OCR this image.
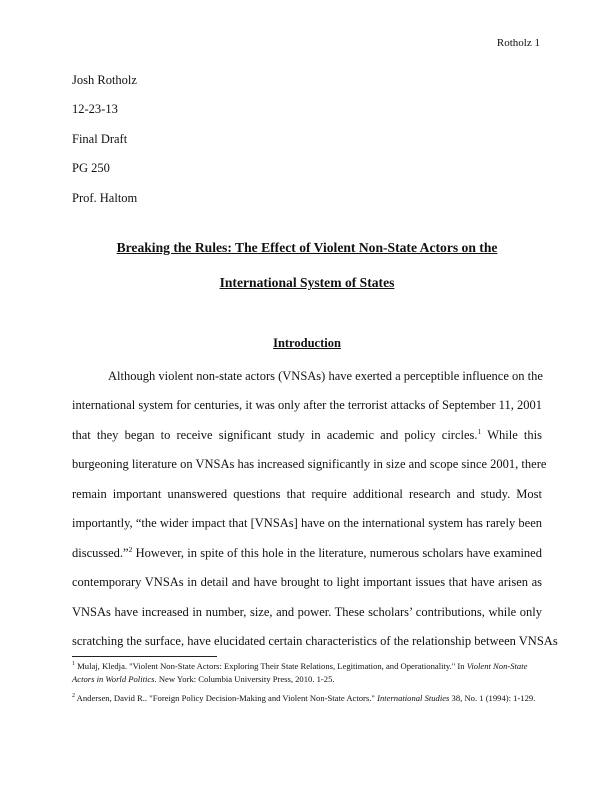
Rotholz 1
Josh Rotholz
12-23-13
Final Draft
PG 250
Prof. Haltom
Breaking the Rules: The Effect of Violent Non-State Actors on the
International System of States
Introduction
Although violent non-state actors (VNSAs) have exerted a perceptible influence on the
international system for centuries, it was only after the terrorist attacks of September 11, 2001
that they began to receive significant study in academic and policy circles.$^1$ While this
burgeoning literature on VNSAs has increased significantly in size and scope since 2001, there
remain important unanswered questions that require additional research and study. Most
importantly, “the wider impact that [VNSAs] have on the international system has rarely been
discussed.”$^2$ However, in spite of this hole in the literature, numerous scholars have examined
contemporary VNSAs in detail and have brought to light important issues that have arisen as
VNSAs have increased in number, size, and power. These scholars’ contributions, while only
scratching the surface, have elucidated certain characteristics of the relationship between VNSAs
$^1$ Mulaj, Kledja. "Violent Non-State Actors: Exploring Their State Relations, Legitimation, and Operationality." In Violent Non-State Actors in World Politics. New York: Columbia University Press, 2010. 1-25.
$^2$ Andersen, David R.. "Foreign Policy Decision-Making and Violent Non-State Actors." International Studies 38, No. 1 (1994): 1-129.
